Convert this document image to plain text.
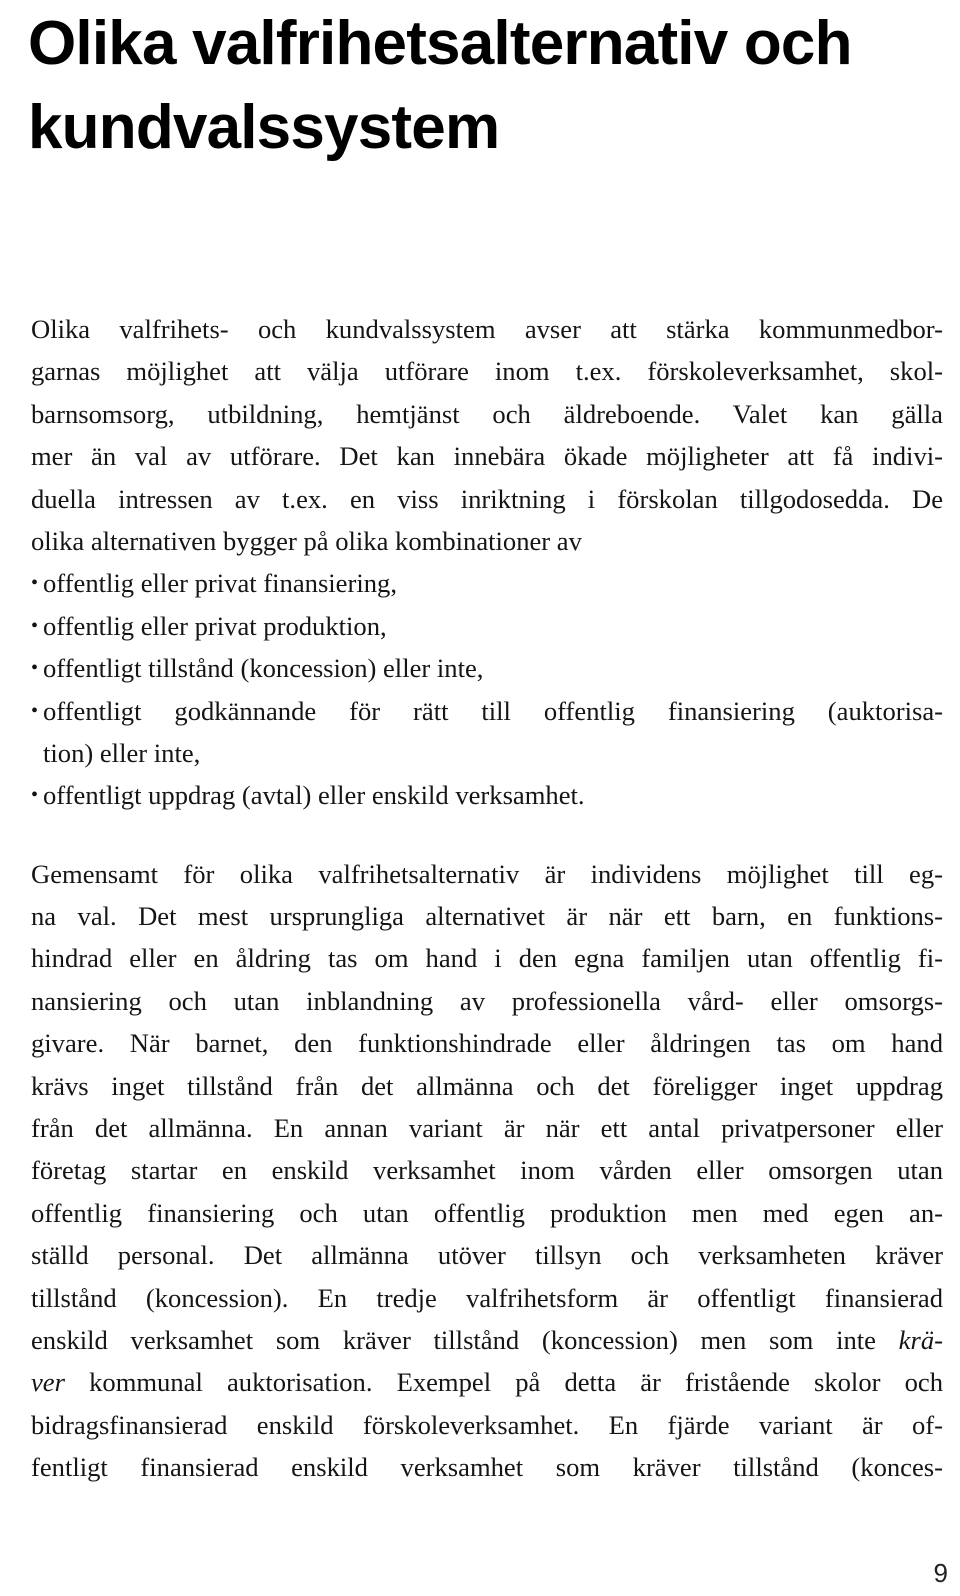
Olika valfrihetsalternativ och
kundvalssystem
Olika valfrihets- och kundvalssystem avser att stärka kommunmedbor-
garnas möjlighet att välja utförare inom t.ex. förskoleverksamhet, skol-
barnsomsorg, utbildning, hemtjänst och äldreboende. Valet kan gälla
mer än val av utförare. Det kan innebära ökade möjligheter att få indivi-
duella intressen av t.ex. en viss inriktning i förskolan tillgodosedda. De
olika alternativen bygger på olika kombinationer av
• offentlig eller privat finansiering,
• offentlig eller privat produktion,
• offentligt tillstånd (koncession) eller inte,
• offentligt godkännande för rätt till offentlig finansiering (auktorisa-
tion) eller inte,
• offentligt uppdrag (avtal) eller enskild verksamhet.
Gemensamt för olika valfrihetsalternativ är individens möjlighet till eg-
na val. Det mest ursprungliga alternativet är när ett barn, en funktions-
hindrad eller en åldring tas om hand i den egna familjen utan offentlig fi-
nansiering och utan inblandning av professionella vård- eller omsorgs-
givare. När barnet, den funktionshindrade eller åldringen tas om hand
krävs inget tillstånd från det allmänna och det föreligger inget uppdrag
från det allmänna. En annan variant är när ett antal privatpersoner eller
företag startar en enskild verksamhet inom vården eller omsorgen utan
offentlig finansiering och utan offentlig produktion men med egen an-
ställd personal. Det allmänna utöver tillsyn och verksamheten kräver
tillstånd (koncession). En tredje valfrihetsform är offentligt finansierad
enskild verksamhet som kräver tillstånd (koncession) men som inte krä-
ver kommunal auktorisation. Exempel på detta är fristående skolor och
bidragsfinansierad enskild förskoleverksamhet. En fjärde variant är of-
fentligt finansierad enskild verksamhet som kräver tillstånd (konces-
9
